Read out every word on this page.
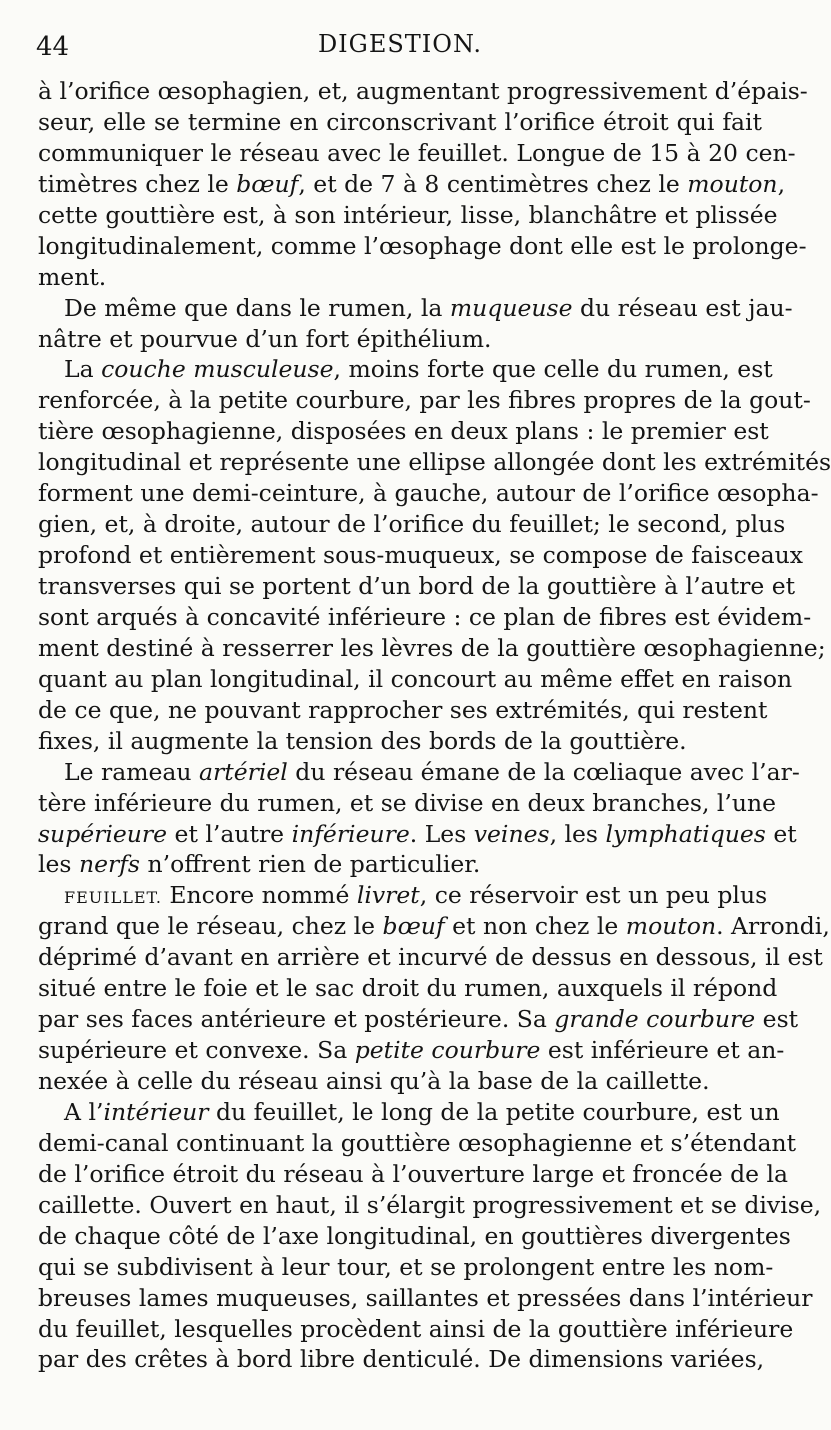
44	DIGESTION.
à l’orifice œsophagien, et, augmentant progressivement d’épais-
seur, elle se termine en circonscrivant l’orifice étroit qui fait
communiquer le réseau avec le feuillet. Longue de 15 à 20 cen-
timètres chez le bœuf, et de 7 à 8 centimètres chez le mouton,
cette gouttière est, à son intérieur, lisse, blanchâtre et plissée
longitudinalement, comme l’œsophage dont elle est le prolonge-
ment.
De même que dans le rumen, la muqueuse du réseau est jau-
nâtre et pourvue d’un fort épithélium.
La couche musculeuse, moins forte que celle du rumen, est
renforcée, à la petite courbure, par les fibres propres de la gout-
tière œsophagienne, disposées en deux plans : le premier est
longitudinal et représente une ellipse allongée dont les extrémités
forment une demi-ceinture, à gauche, autour de l’orifice œsopha-
gien, et, à droite, autour de l’orifice du feuillet; le second, plus
profond et entièrement sous-muqueux, se compose de faisceaux
transverses qui se portent d’un bord de la gouttière à l’autre et
sont arqués à concavité inférieure : ce plan de fibres est évidem-
ment destiné à resserrer les lèvres de la gouttière œsophagienne;
quant au plan longitudinal, il concourt au même effet en raison
de ce que, ne pouvant rapprocher ses extrémités, qui restent
fixes, il augmente la tension des bords de la gouttière.
Le rameau artériel du réseau émane de la cœliaque avec l’ar-
tère inférieure du rumen, et se divise en deux branches, l’une
supérieure et l’autre inférieure. Les veines, les lymphatiques et
les nerfs n’offrent rien de particulier.
FEUILLET. Encore nommé livret, ce réservoir est un peu plus
grand que le réseau, chez le bœuf et non chez le mouton. Arrondi,
déprimé d’avant en arrière et incurvé de dessus en dessous, il est
situé entre le foie et le sac droit du rumen, auxquels il répond
par ses faces antérieure et postérieure. Sa grande courbure est
supérieure et convexe. Sa petite courbure est inférieure et an-
nexée à celle du réseau ainsi qu’à la base de la caillette.
A l’intérieur du feuillet, le long de la petite courbure, est un
demi-canal continuant la gouttière œsophagienne et s’étendant
de l’orifice étroit du réseau à l’ouverture large et froncée de la
caillette. Ouvert en haut, il s’élargit progressivement et se divise,
de chaque côté de l’axe longitudinal, en gouttières divergentes
qui se subdivisent à leur tour, et se prolongent entre les nom-
breuses lames muqueuses, saillantes et pressées dans l’intérieur
du feuillet, lesquelles procèdent ainsi de la gouttière inférieure
par des crêtes à bord libre denticulé. De dimensions variées,
